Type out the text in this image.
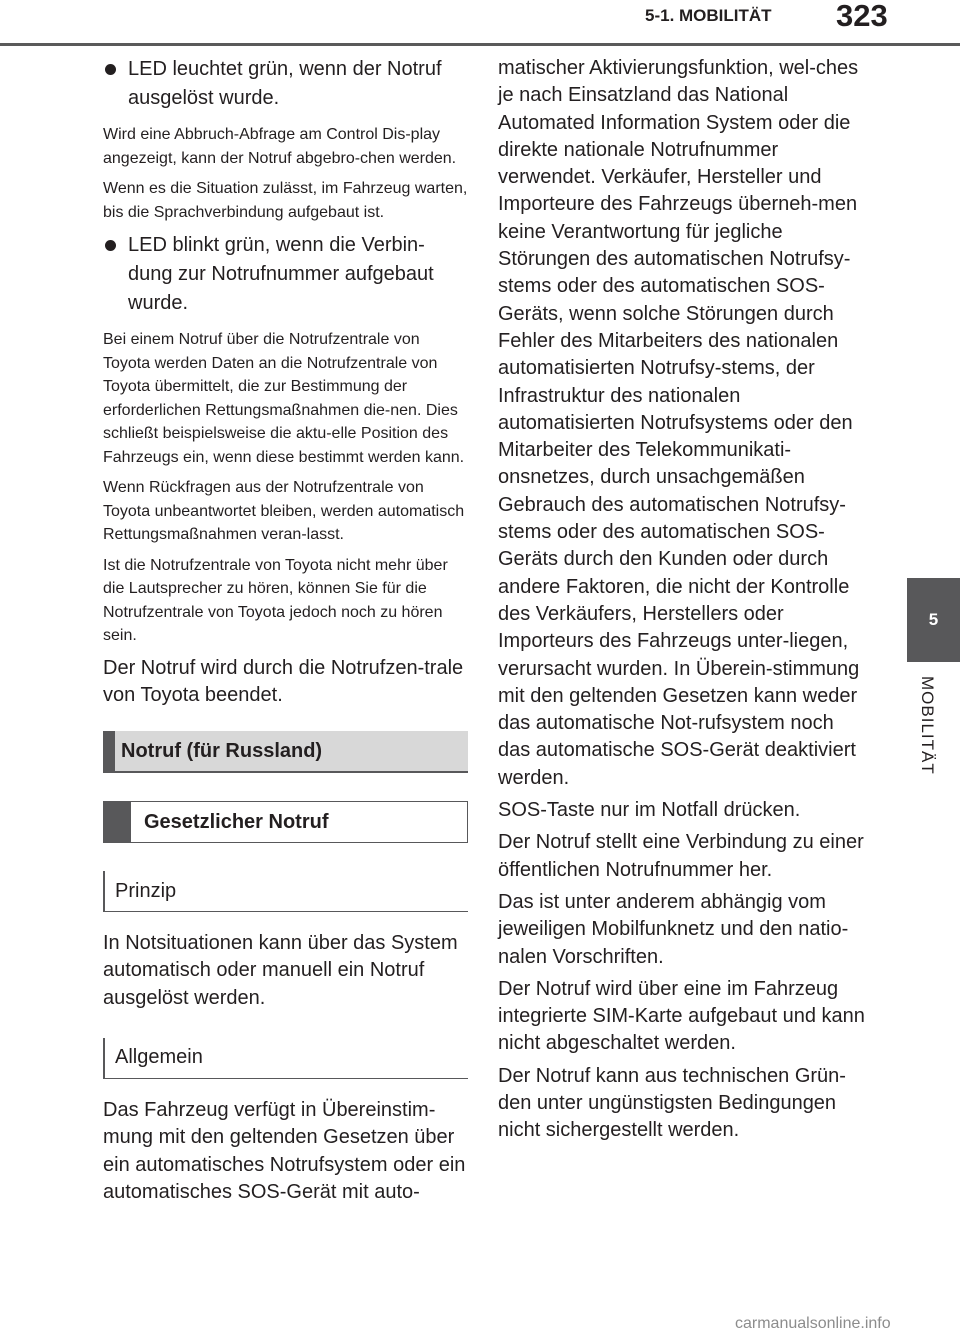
5-1. MOBILITÄT 323
5
MOBILITÄT

LED leuchtet grün, wenn der Notruf ausgelöst wurde.

Wird eine Abbruch-Abfrage am Control Dis-play angezeigt, kann der Notruf abgebro-chen werden.

Wenn es die Situation zulässt, im Fahrzeug warten, bis die Sprachverbindung aufgebaut ist.

LED blinkt grün, wenn die Verbin-dung zur Notrufnummer aufgebaut wurde.

Bei einem Notruf über die Notrufzentrale von Toyota werden Daten an die Notrufzentrale von Toyota übermittelt, die zur Bestimmung der erforderlichen Rettungsmaßnahmen die-nen. Dies schließt beispielsweise die aktu-elle Position des Fahrzeugs ein, wenn diese bestimmt werden kann.

Wenn Rückfragen aus der Notrufzentrale von Toyota unbeantwortet bleiben, werden automatisch Rettungsmaßnahmen veran-lasst.

Ist die Notrufzentrale von Toyota nicht mehr über die Lautsprecher zu hören, können Sie für die Notrufzentrale von Toyota jedoch noch zu hören sein.

Der Notruf wird durch die Notrufzen-trale von Toyota beendet.

Notruf (für Russland)
Gesetzlicher Notruf
Prinzip

In Notsituationen kann über das System automatisch oder manuell ein Notruf ausgelöst werden.

Allgemein

Das Fahrzeug verfügt in Übereinstim-mung mit den geltenden Gesetzen über ein automatisches Notrufsystem oder ein automatisches SOS-Gerät mit auto-

matischer Aktivierungsfunktion, wel-ches je nach Einsatzland das National Automated Information System oder die direkte nationale Notrufnummer verwendet. Verkäufer, Hersteller und Importeure des Fahrzeugs überneh-men keine Verantwortung für jegliche Störungen des automatischen Notrufsy-stems oder des automatischen SOS-Geräts, wenn solche Störungen durch Fehler des Mitarbeiters des nationalen automatisierten Notrufsy-stems, der Infrastruktur des nationalen automatisierten Notrufsystems oder den Mitarbeiter des Telekommunikati-onsnetzes, durch unsachgemäßen Gebrauch des automatischen Notrufsy-stems oder des automatischen SOS-Geräts durch den Kunden oder durch andere Faktoren, die nicht der Kontrolle des Verkäufers, Herstellers oder Importeurs des Fahrzeugs unter-liegen, verursacht wurden. In Überein-stimmung mit den geltenden Gesetzen kann weder das automatische Not-rufsystem noch das automatische SOS-Gerät deaktiviert werden.

SOS-Taste nur im Notfall drücken.

Der Notruf stellt eine Verbindung zu einer öffentlichen Notrufnummer her.

Das ist unter anderem abhängig vom jeweiligen Mobilfunknetz und den natio-nalen Vorschriften.

Der Notruf wird über eine im Fahrzeug integrierte SIM-Karte aufgebaut und kann nicht abgeschaltet werden.

Der Notruf kann aus technischen Grün-den unter ungünstigsten Bedingungen nicht sichergestellt werden.

carmanualsonline.info
